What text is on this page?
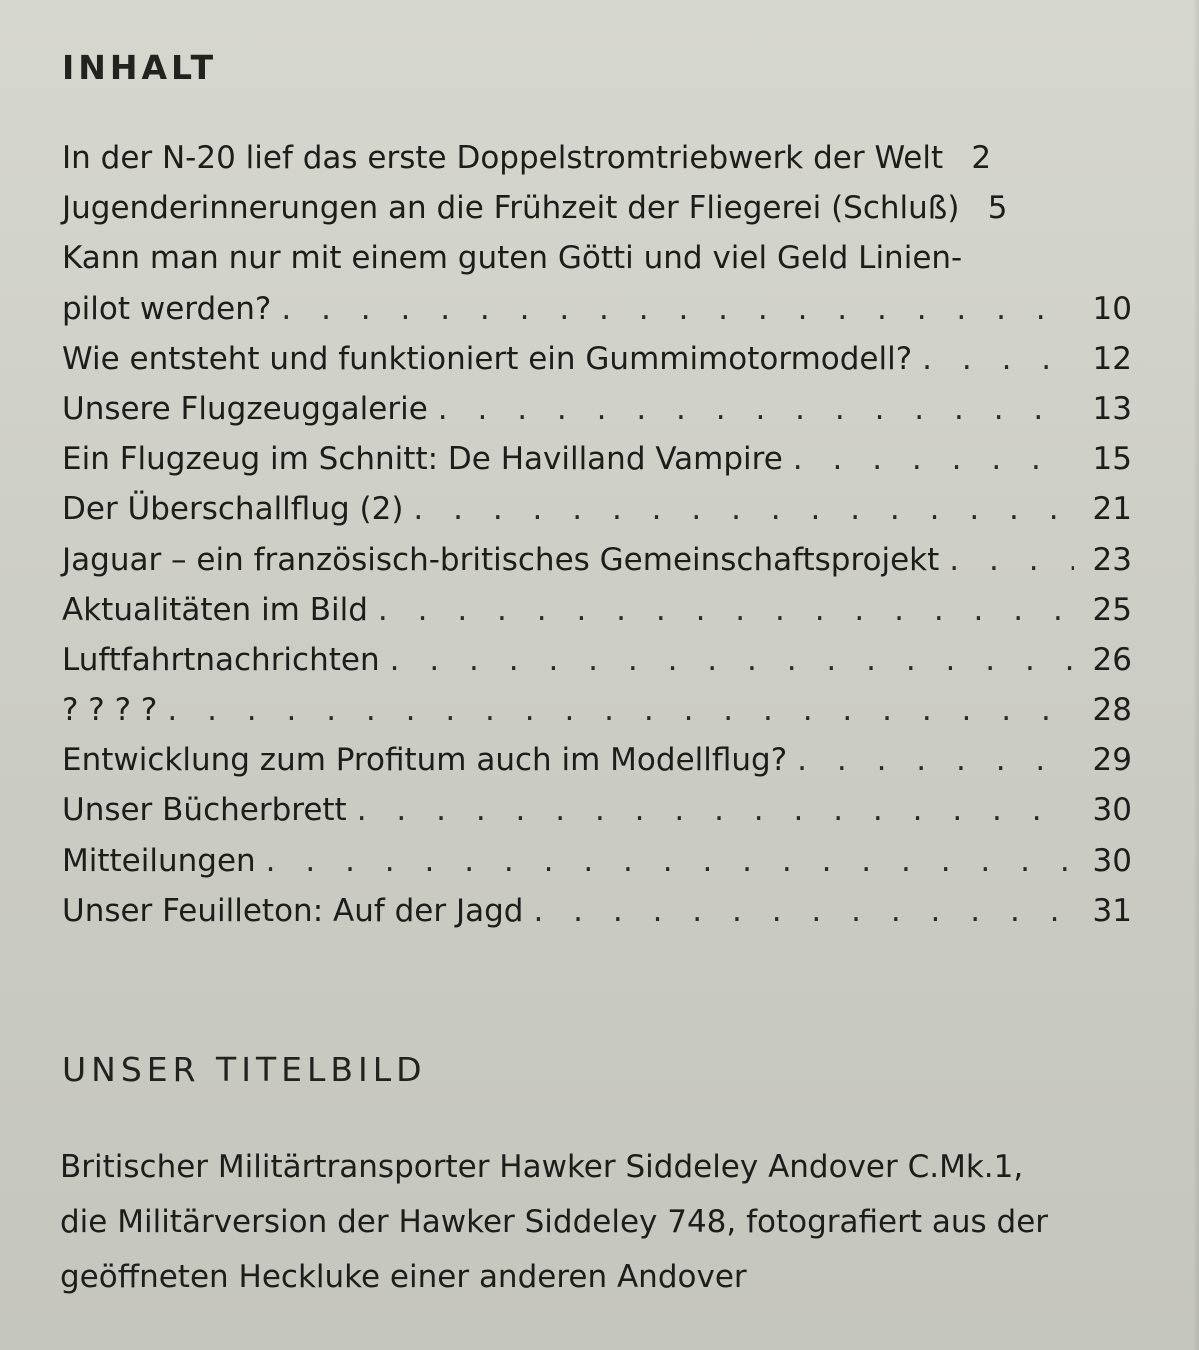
INHALT
In der N-20 lief das erste Doppelstromtriebwerk der Welt 2
Jugenderinnerungen an die Frühzeit der Fliegerei (Schluß) 5
Kann man nur mit einem guten Götti und viel Geld Linien-
pilot werden? . . .	10
Wie entsteht und funktioniert ein Gummimotormodell? . . .	12
Unsere Flugzeuggalerie . . .	13
Ein Flugzeug im Schnitt: De Havilland Vampire . . .	15
Der Überschallflug (2) . . .	21
Jaguar – ein französisch-britisches Gemeinschaftsprojekt . . .	23
Aktualitäten im Bild . . .	25
Luftfahrtnachrichten . . .	26
? ? ? ? . . .	28
Entwicklung zum Profitum auch im Modellflug? . . .	29
Unser Bücherbrett . . .	30
Mitteilungen . . .	30
Unser Feuilleton: Auf der Jagd . . .	31
UNSER TITELBILD

Britischer Militärtransporter Hawker Siddeley Andover C.Mk.1,
die Militärversion der Hawker Siddeley 748, fotografiert aus der
geöffneten Heckluke einer anderen Andover
